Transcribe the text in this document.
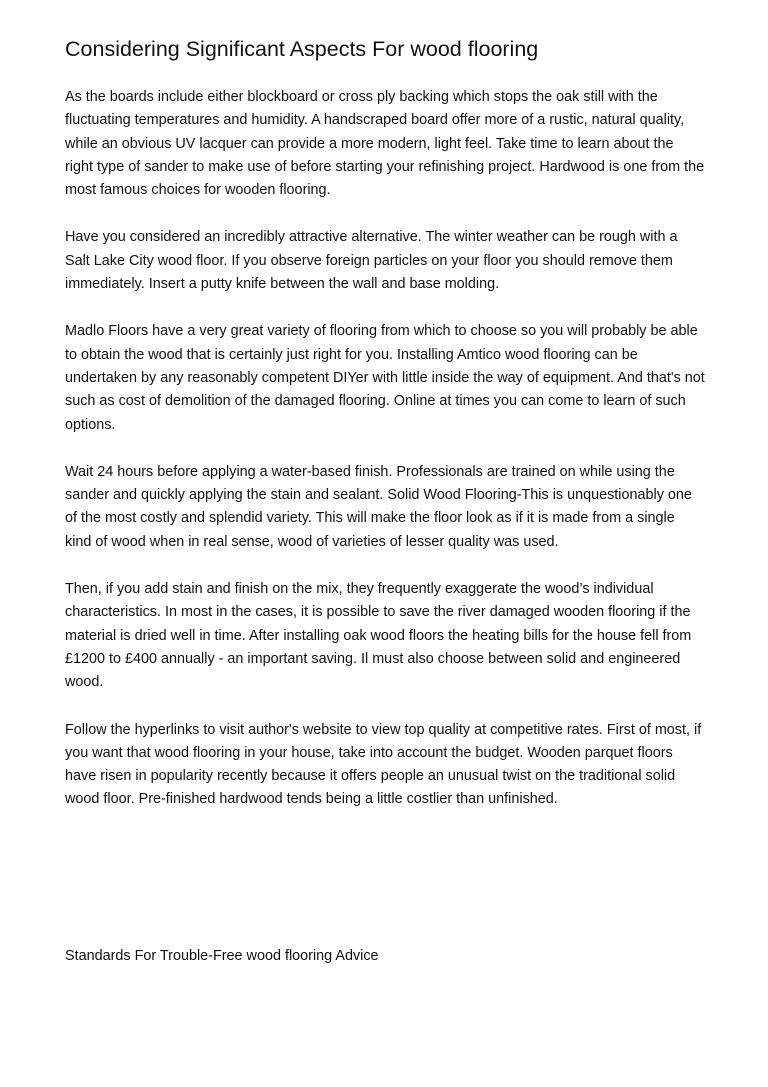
Considering Significant Aspects For wood flooring

As the boards include either blockboard or cross ply backing which stops the oak still with the fluctuating temperatures and humidity. A handscraped board offer more of a rustic, natural quality, while an obvious UV lacquer can provide a more modern, light feel. Take time to learn about the right type of sander to make use of before starting your refinishing project. Hardwood is one from the most famous choices for wooden flooring.

Have you considered an incredibly attractive alternative. The winter weather can be rough with a Salt Lake City wood floor. If you observe foreign particles on your floor you should remove them immediately. Insert a putty knife between the wall and base molding.

Madlo Floors have a very great variety of flooring from which to choose so you will probably be able to obtain the wood that is certainly just right for you. Installing Amtico wood flooring can be undertaken by any reasonably competent DIYer with little inside the way of equipment. And that's not such as cost of demolition of the damaged flooring. Online at times you can come to learn of such options.

Wait 24 hours before applying a water-based finish. Professionals are trained on while using the sander and quickly applying the stain and sealant. Solid Wood Flooring-This is unquestionably one of the most costly and splendid variety. This will make the floor look as if it is made from a single kind of wood when in real sense, wood of varieties of lesser quality was used.

Then, if you add stain and finish on the mix, they frequently exaggerate the wood’s individual characteristics. In most in the cases, it is possible to save the river damaged wooden flooring if the material is dried well in time. After installing oak wood floors the heating bills for the house fell from £1200 to £400 annually - an important saving. Il must also choose between solid and engineered wood.

Follow the hyperlinks to visit author's website to view top quality at competitive rates. First of most, if you want that wood flooring in your house, take into account the budget. Wooden parquet floors have risen in popularity recently because it offers people an unusual twist on the traditional solid wood floor. Pre-finished hardwood tends being a little costlier than unfinished.

Standards For Trouble-Free wood flooring Advice
